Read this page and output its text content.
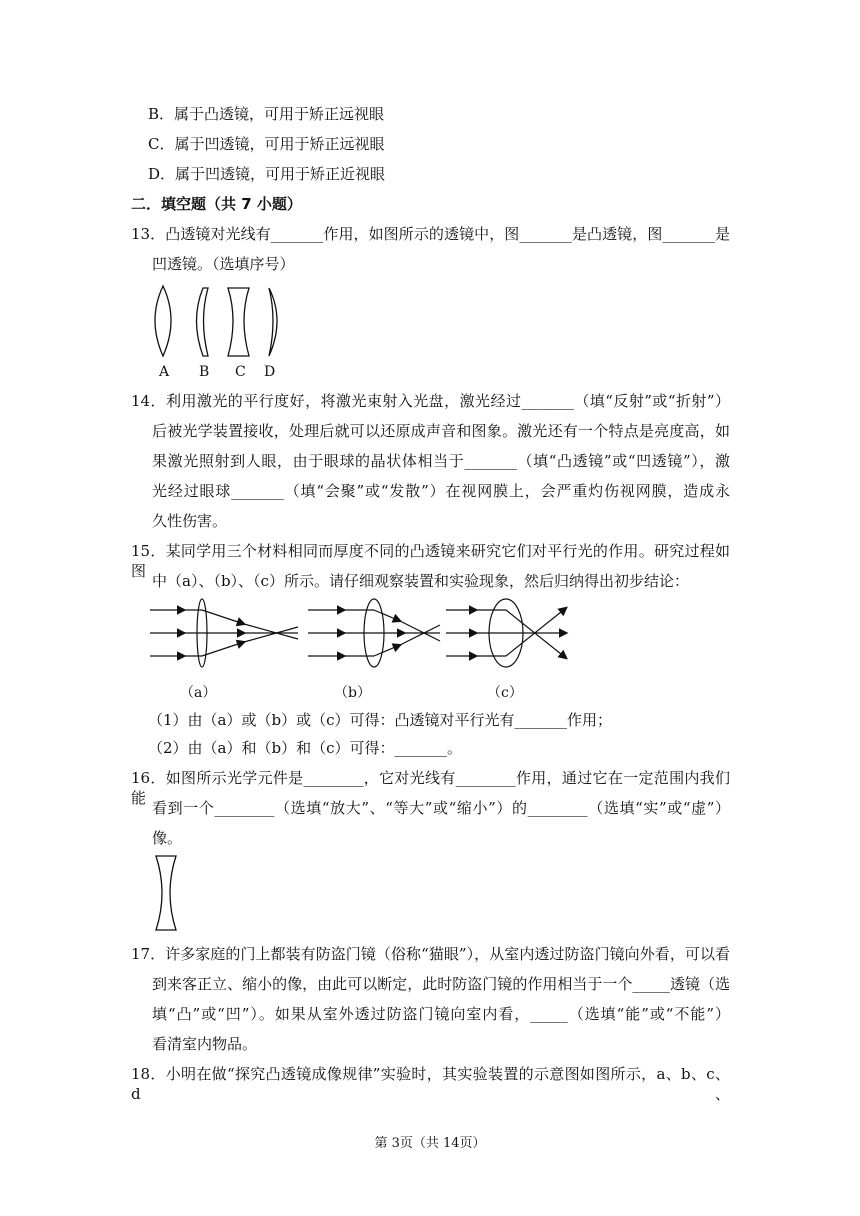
B．属于凸透镜，可用于矫正远视眼
C．属于凹透镜，可用于矫正远视眼
D．属于凹透镜，可用于矫正近视眼
二．填空题（共 7 小题）
13．凸透镜对光线有_______作用，如图所示的透镜中，图_______是凸透镜，图_______是
凹透镜。（选填序号）
A B C D
14．利用激光的平行度好，将激光束射入光盘，激光经过_______（填“反射”或“折射”）
后被光学装置接收，处理后就可以还原成声音和图象。激光还有一个特点是亮度高，如
果激光照射到人眼，由于眼球的晶状体相当于_______（填“凸透镜”或“凹透镜”），激
光经过眼球_______（填“会聚”或“发散”）在视网膜上，会严重灼伤视网膜，造成永
久性伤害。
15．某同学用三个材料相同而厚度不同的凸透镜来研究它们对平行光的作用。研究过程如图
中（a）、（b）、（c）所示。请仔细观察装置和实验现象，然后归纳得出初步结论：
（a）	（b）	（c）
（1）由（a）或（b）或（c）可得：凸透镜对平行光有_______作用；
（2）由（a）和（b）和（c）可得：_______。
16．如图所示光学元件是________，它对光线有________作用，通过它在一定范围内我们能
看到一个________（选填“放大”、“等大”或“缩小”）的________（选填“实”或“虚”）
像。
17．许多家庭的门上都装有防盗门镜（俗称“猫眼”），从室内透过防盗门镜向外看，可以看
到来客正立、缩小的像，由此可以断定，此时防盗门镜的作用相当于一个_____透镜（选
填“凸”或“凹”）。如果从室外透过防盗门镜向室内看，_____（选填“能”或“不能”）
看清室内物品。
18．小明在做“探究凸透镜成像规律”实验时，其实验装置的示意图如图所示，a、b、c、d、
第 3页（共 14页）
